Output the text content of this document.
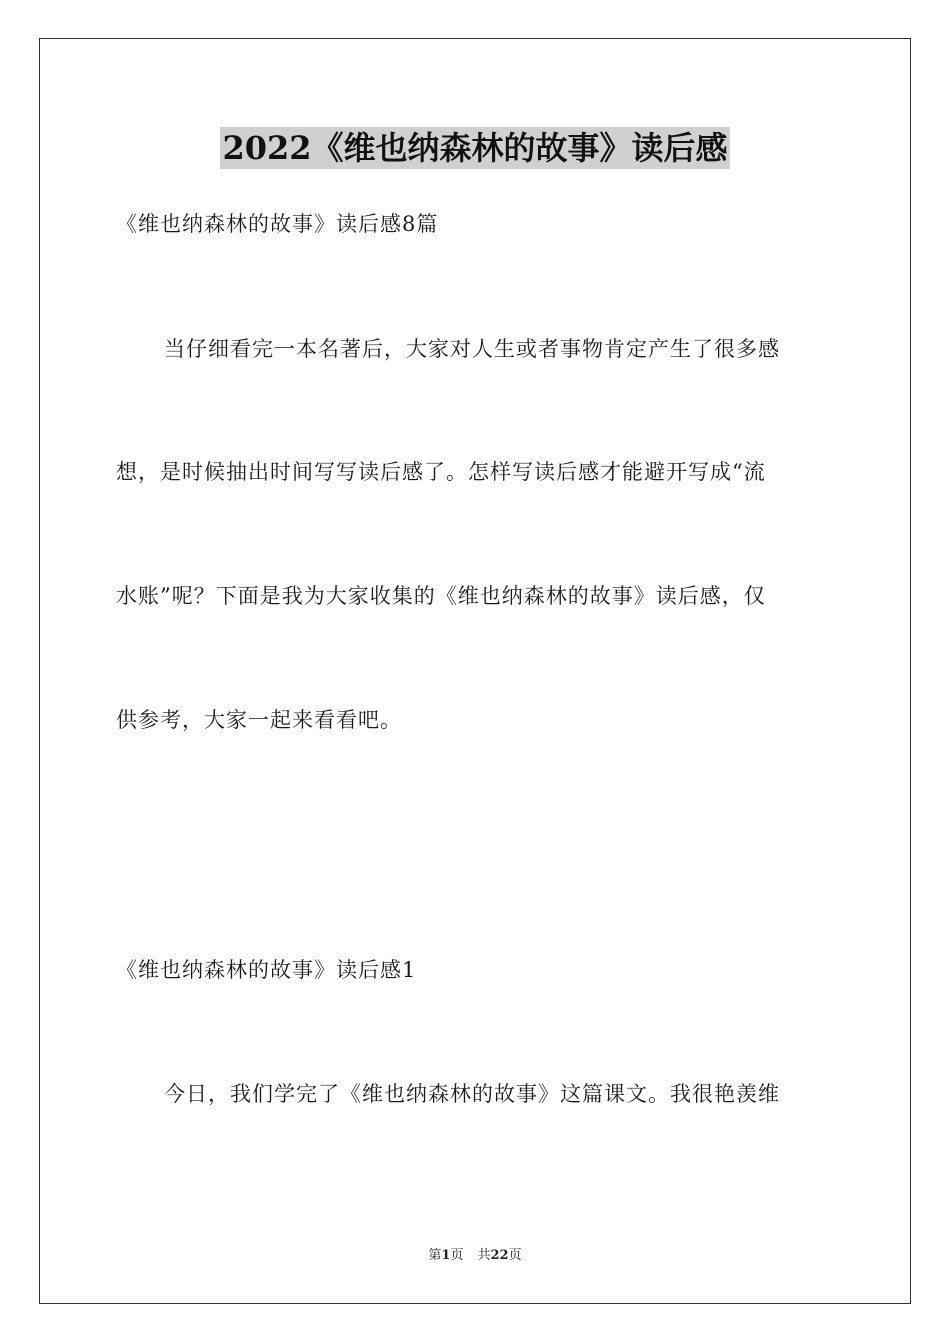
2022《维也纳森林的故事》读后感
《维也纳森林的故事》读后感8篇
当仔细看完一本名著后，大家对人生或者事物肯定产生了很多感
想，是时候抽出时间写写读后感了。怎样写读后感才能避开写成“流
水账”呢？下面是我为大家收集的《维也纳森林的故事》读后感，仅
供参考，大家一起来看看吧。
《维也纳森林的故事》读后感1
今日，我们学完了《维也纳森林的故事》这篇课文。我很艳羡维
第1页 共22页
